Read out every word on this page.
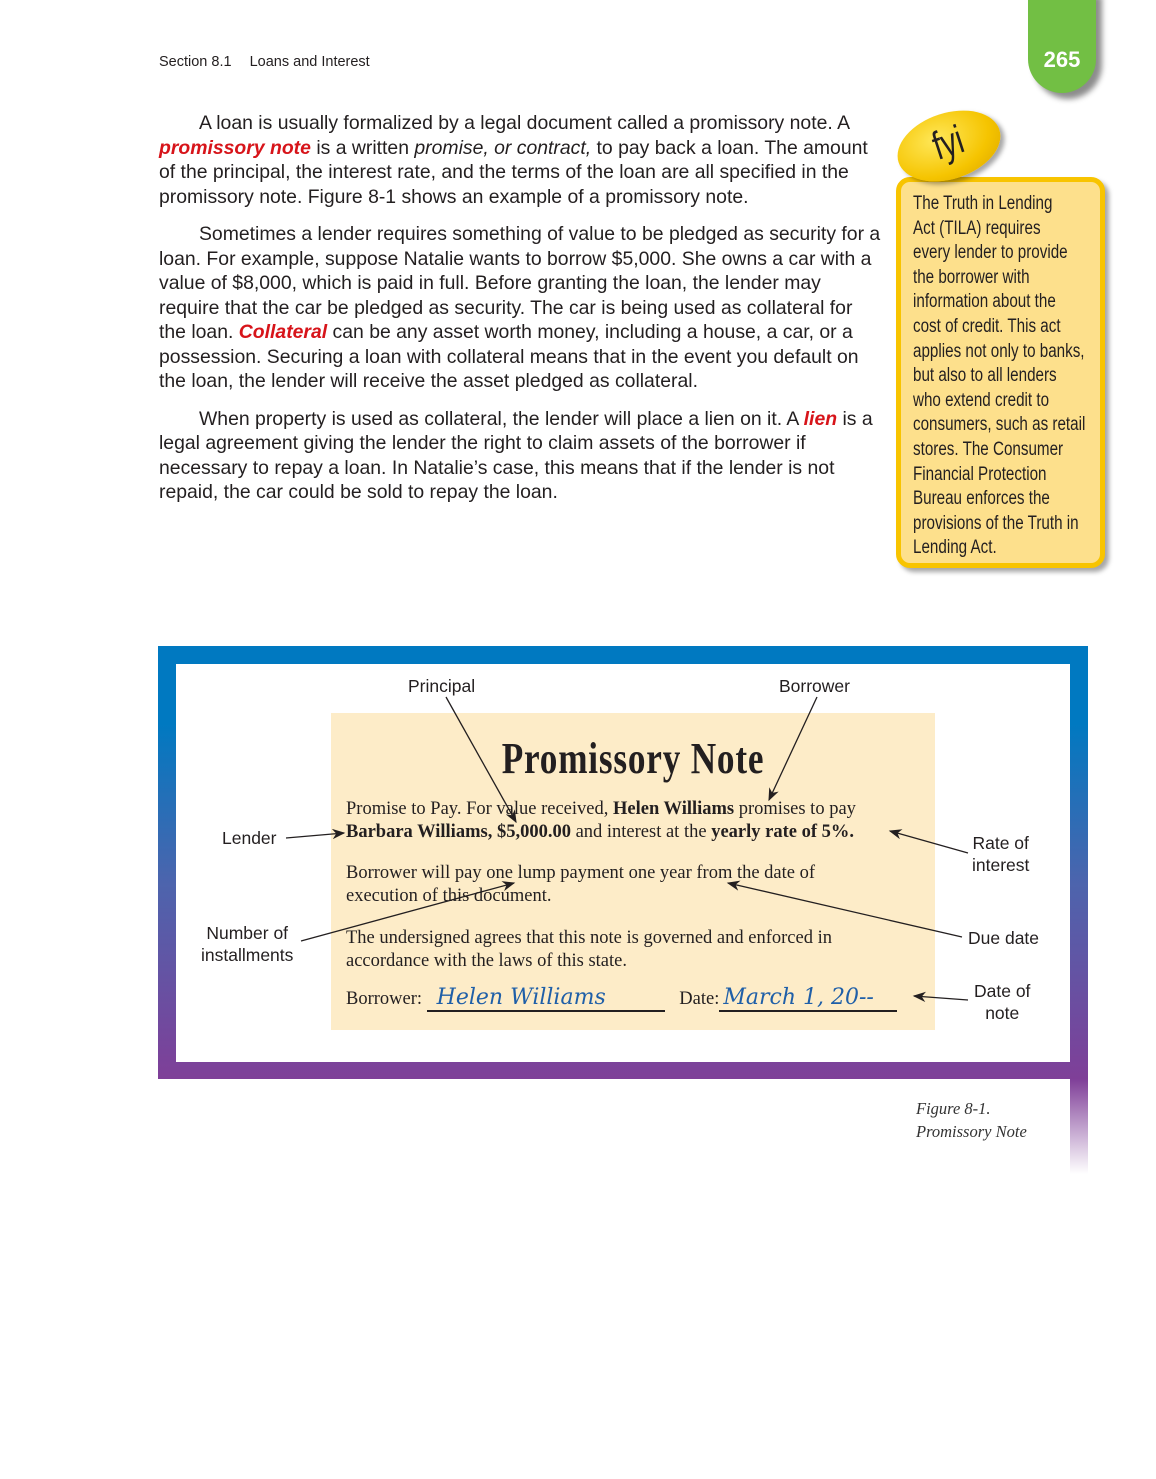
Section 8.1 Loans and Interest	265

A loan is usually formalized by a legal document called a promissory note. A promissory note is a written promise, or contract, to pay back a loan. The amount of the principal, the interest rate, and the terms of the loan are all specified in the promissory note. Figure 8-1 shows an example of a promissory note.

Sometimes a lender requires something of value to be pledged as security for a loan. For example, suppose Natalie wants to borrow $5,000. She owns a car with a value of $8,000, which is paid in full. Before granting the loan, the lender may require that the car be pledged as security. The car is being used as collateral for the loan. Collateral can be any asset worth money, including a house, a car, or a possession. Securing a loan with collateral means that in the event you default on the loan, the lender will receive the asset pledged as collateral.

When property is used as collateral, the lender will place a lien on it. A lien is a legal agreement giving the lender the right to claim assets of the borrower if necessary to repay a loan. In Natalie’s case, this means that if the lender is not repaid, the car could be sold to repay the loan.

The Truth in Lending
Act (TILA) requires
every lender to provide
the borrower with
information about the
cost of credit. This act
applies not only to banks,
but also to all lenders
who extend credit to
consumers, such as retail
stores. The Consumer
Financial Protection
Bureau enforces the
provisions of the Truth in
Lending Act.
fyi
Promissory Note
Promise to Pay. For value received, Helen Williams promises to pay
Barbara Williams, $5,000.00 and interest at the yearly rate of 5%.
Borrower will pay one lump payment one year from the date of
execution of this document.
The undersigned agrees that this note is governed and enforced in
accordance with the laws of this state.
Borrower: Helen Williams	Date: March 1, 20--
Principal	Borrower
Lender	Rate of
interest
Number of
installments
Due date
Date of
note
Figure 8-1.
Promissory Note
